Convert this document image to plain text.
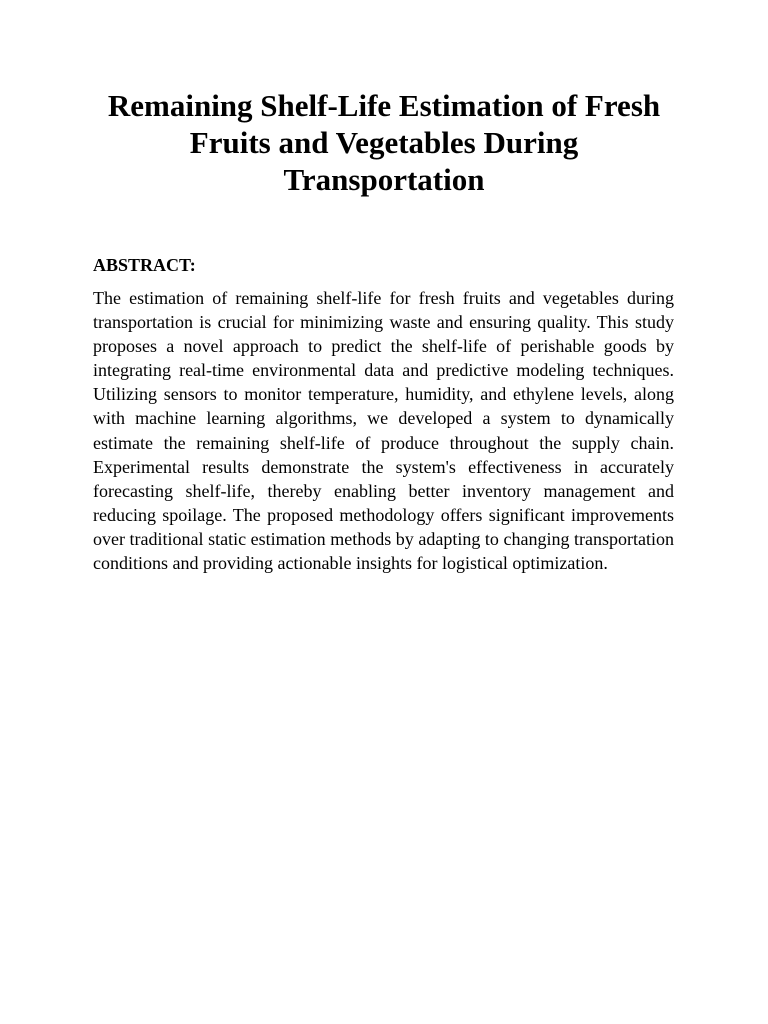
Remaining Shelf-Life Estimation of Fresh Fruits and Vegetables During Transportation
ABSTRACT:

The estimation of remaining shelf-life for fresh fruits and vegetables during transportation is crucial for minimizing waste and ensuring quality. This study proposes a novel approach to predict the shelf-life of perishable goods by integrating real-time environmental data and predictive modeling techniques. Utilizing sensors to monitor temperature, humidity, and ethylene levels, along with machine learning algorithms, we developed a system to dynamically estimate the remaining shelf-life of produce throughout the supply chain. Experimental results demonstrate the system's effectiveness in accurately forecasting shelf-life, thereby enabling better inventory management and reducing spoilage. The proposed methodology offers significant improvements over traditional static estimation methods by adapting to changing transportation conditions and providing actionable insights for logistical optimization.
